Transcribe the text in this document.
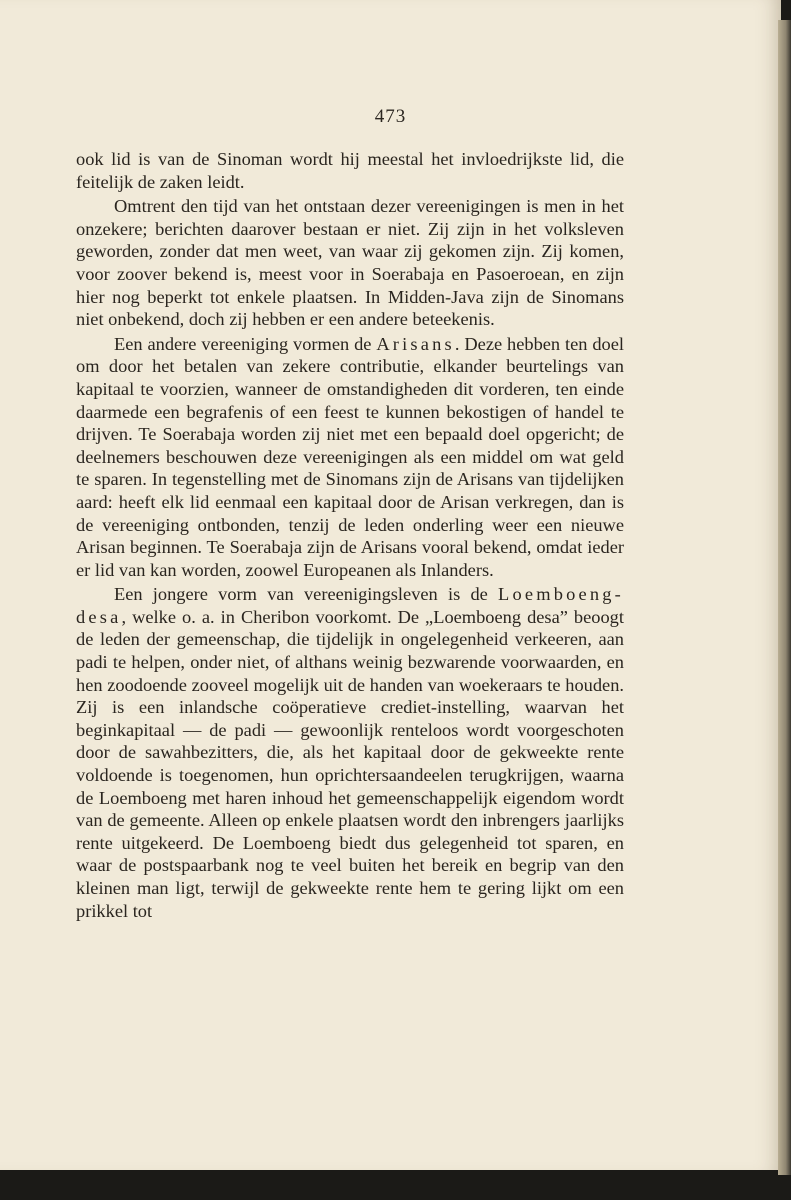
473

ook lid is van de Sinoman wordt hij meestal het invloedrijkste lid, die feitelijk de zaken leidt.

Omtrent den tijd van het ontstaan dezer vereenigingen is men in het onzekere; berichten daarover bestaan er niet. Zij zijn in het volksleven geworden, zonder dat men weet, van waar zij gekomen zijn. Zij komen, voor zoover bekend is, meest voor in Soerabaja en Pasoeroean, en zijn hier nog beperkt tot enkele plaatsen. In Midden-Java zijn de Sinomans niet onbekend, doch zij hebben er een andere beteekenis.

Een andere vereeniging vormen de Arisans. Deze hebben ten doel om door het betalen van zekere contributie, elkander beurtelings van kapitaal te voorzien, wanneer de omstandigheden dit vorderen, ten einde daarmede een begrafenis of een feest te kunnen bekostigen of handel te drijven. Te Soerabaja worden zij niet met een bepaald doel opgericht; de deelnemers beschouwen deze vereenigingen als een middel om wat geld te sparen. In tegenstelling met de Sinomans zijn de Arisans van tijdelijken aard: heeft elk lid eenmaal een kapitaal door de Arisan verkregen, dan is de vereeniging ontbonden, tenzij de leden onderling weer een nieuwe Arisan beginnen. Te Soerabaja zijn de Arisans vooral bekend, omdat ieder er lid van kan worden, zoowel Europeanen als Inlanders.

Een jongere vorm van vereenigingsleven is de Loemboeng-desa, welke o. a. in Cheribon voorkomt. De „Loemboeng desa” beoogt de leden der gemeenschap, die tijdelijk in ongelegenheid verkeeren, aan padi te helpen, onder niet, of althans weinig bezwarende voorwaarden, en hen zoodoende zooveel mogelijk uit de handen van woekeraars te houden. Zij is een inlandsche coöperatieve crediet-instelling, waarvan het beginkapitaal — de padi — gewoonlijk renteloos wordt voorgeschoten door de sawahbezitters, die, als het kapitaal door de gekweekte rente voldoende is toegenomen, hun oprichtersaandeelen terugkrijgen, waarna de Loemboeng met haren inhoud het gemeenschappelijk eigendom wordt van de gemeente. Alleen op enkele plaatsen wordt den inbrengers jaarlijks rente uitgekeerd. De Loemboeng biedt dus gelegenheid tot sparen, en waar de postspaarbank nog te veel buiten het bereik en begrip van den kleinen man ligt, terwijl de gekweekte rente hem te gering lijkt om een prikkel tot
